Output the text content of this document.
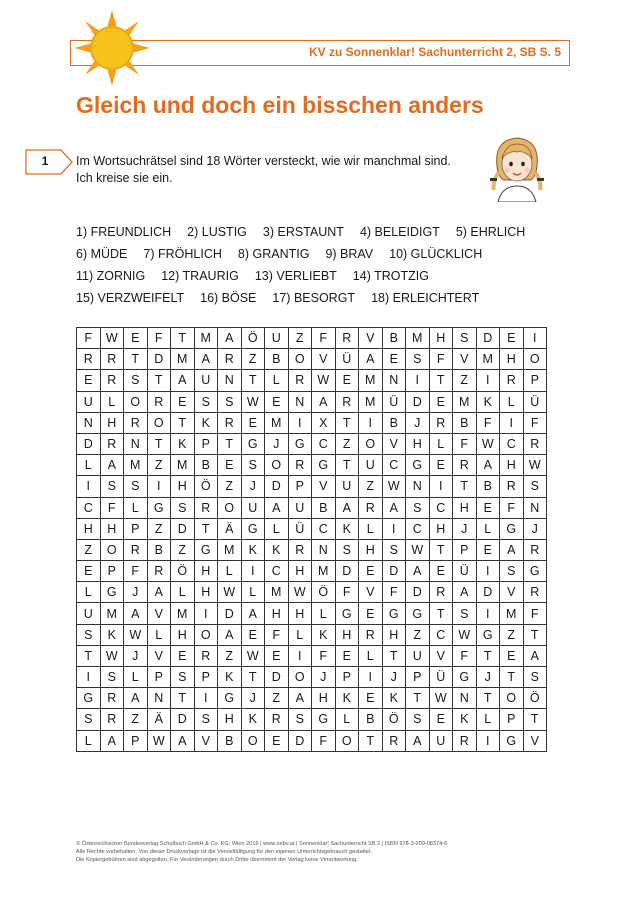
KV zu Sonnenklar! Sachunterricht 2, SB S. 5
Gleich und doch ein bisschen anders
1	Im Wortsuchrätsel sind 18 Wörter versteckt, wie wir manchmal sind.
Ich kreise sie ein.
1) FREUNDLICH 2) LUSTIG 3) ERSTAUNT 4) BELEIDIGT 5) EHRLICH
6) MÜDE 7) FRÖHLICH 8) GRANTIG 9) BRAV 10) GLÜCKLICH
11) ZORNIG 12) TRAURIG 13) VERLIEBT 14) TROTZIG
15) VERZWEIFELT 16) BÖSE 17) BESORGT 18) ERLEICHTERT
F	W	E	F	T	M	A	Ö	U	Z	F	R	V	B	M	H	S	D	E	I
R	R	T	D	M	A	R	Z	B	O	V	Ü	A	E	S	F	V	M	H	O
E	R	S	T	A	U	N	T	L	R	W	E	M	N	I	T	Z	I	R	P
U	L	O	R	E	S	S	W	E	N	A	R	M	Ü	D	E	M	K	L	Ü
N	H	R	O	T	K	R	E	M	I	X	T	I	B	J	R	B	F	I	F
D	R	N	T	K	P	T	G	J	G	C	Z	O	V	H	L	F	W	C	R
L	A	M	Z	M	B	E	S	O	R	G	T	U	C	G	E	R	A	H	W
I	S	S	I	H	Ö	Z	J	D	P	V	U	Z	W	N	I	T	B	R	S
C	F	L	G	S	R	O	U	A	U	B	A	R	A	S	C	H	E	F	N
H	H	P	Z	D	T	Ä	G	L	Ü	C	K	L	I	C	H	J	L	G	J
Z	O	R	B	Z	G	M	K	K	R	N	S	H	S	W	T	P	E	A	R
E	P	F	R	Ö	H	L	I	C	H	M	D	E	D	A	E	Ü	I	S	G
L	G	J	A	L	H	W	L	M W	Ö	F	V	F	D	R	A	D	V	R
U	M	A	V	M	I	D	A	H	H	L	G	E	G	G	T	S	I	M	F
S	K	W	L	H	O	A	E	F	L	K	H	R	H	Z	C	W	G	Z	T
T	W	J	V	E	R	Z	W	E	I	F	E	L	T	U	V	F	T	E	A
I	S	L	P	S	P	K	T	D	O	J	P	I	J	P	Ü	G	J	T	S
G	R	A	N	T	I	G	J	Z	A	H	K	E	K	T	W	N	T	O	Ö
S	R	Z	Ä	D	S	H	K	R	S	G	L	B	Ö	S	E	K	L	P	T
L	A	P	W	A	V	B	O	E	D	F	O	T	R	A	U	R	I	G	V
© Österreichischer Bundesverlag Schulbuch GmbH & Co. KG, Wien 2016 | www.oebv.at | Sonnenklar! Sachunterricht SB 2 | ISBN 978-3-209-08374-6
Alle Rechte vorbehalten. Von dieser Druckvorlage ist die Vervielfältigung für den eigenen Unterrichtsgebrauch gestattet.
Die Kopiergebühren sind abgegolten. Für Veränderungen durch Dritte übernimmt der Verlag keine Verantwortung.
